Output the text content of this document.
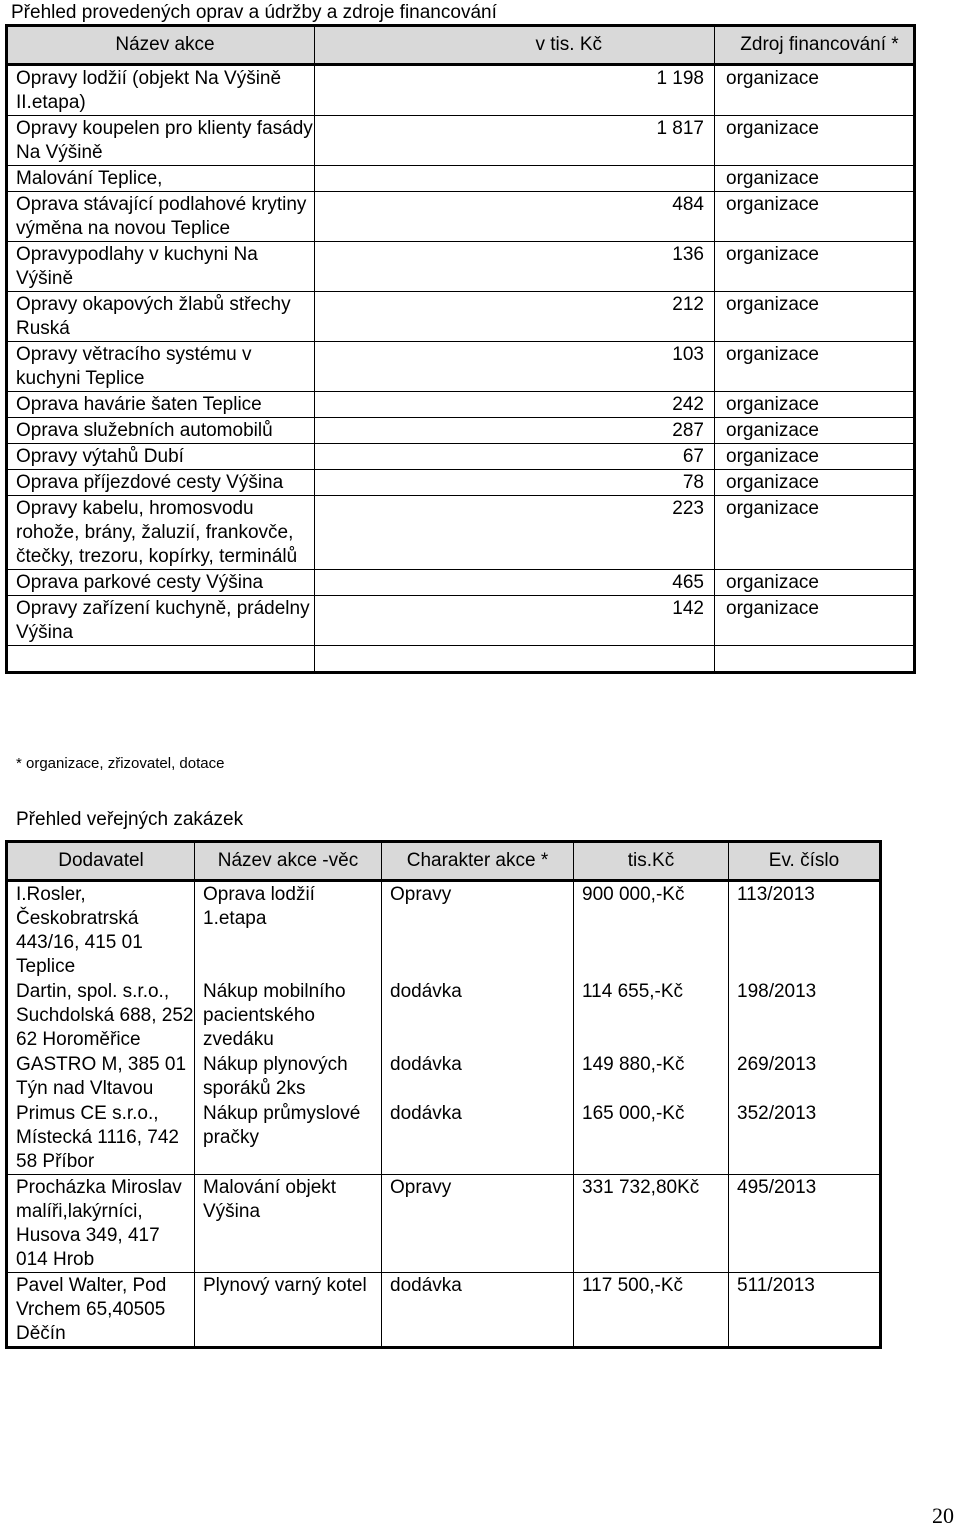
Přehled provedených oprav a údržby a zdroje financování
Název akce	v tis. Kč	Zdroj financování *
Opravy lodžií (objekt Na Výšině II.etapa)	1 198	organizace
Opravy koupelen pro klienty fasády Na Výšině	1 817	organizace
Malování Teplice,		organizace
Oprava stávající podlahové krytiny výměna na novou Teplice	484	organizace
Opravypodlahy v kuchyni Na Výšině	136	organizace
Opravy okapových žlabů střechy Ruská	212	organizace
Opravy větracího systému v kuchyni Teplice	103	organizace
Oprava havárie šaten Teplice	242	organizace
Oprava služebních automobilů	287	organizace
Opravy výtahů Dubí	67	organizace
Oprava příjezdové cesty Výšina	78	organizace
Opravy kabelu, hromosvodu rohože, brány, žaluzií, frankovče, čtečky, trezoru, kopírky, terminálů	223	organizace
Oprava parkové cesty Výšina	465	organizace
Opravy zařízení kuchyně, prádelny Výšina	142	organizace

* organizace, zřizovatel, dotace
Přehled veřejných zakázek
Dodavatel	Název akce -věc	Charakter akce *	tis.Kč	Ev. číslo
I.Rosler, Českobratrská 443/16, 415 01 Teplice	Oprava lodžií 1.etapa	Opravy	900 000,-Kč	113/2013
Dartin, spol. s.r.o., Suchdolská 688, 252 62 Horoměřice	Nákup mobilního pacientského zvedáku	dodávka	114 655,-Kč	198/2013
GASTRO M, 385 01 Týn nad Vltavou	Nákup plynových sporáků 2ks	dodávka	149 880,-Kč	269/2013
Primus CE s.r.o., Místecká 1116, 742 58 Příbor	Nákup průmyslové pračky	dodávka	165 000,-Kč	352/2013
Procházka Miroslav malíři,lakýrníci, Husova 349, 417 014 Hrob	Malování objekt Výšina	Opravy	331 732,80Kč	495/2013
Pavel Walter, Pod Vrchem 65,40505 Děčín	Plynový varný kotel	dodávka	117 500,-Kč	511/2013
20
